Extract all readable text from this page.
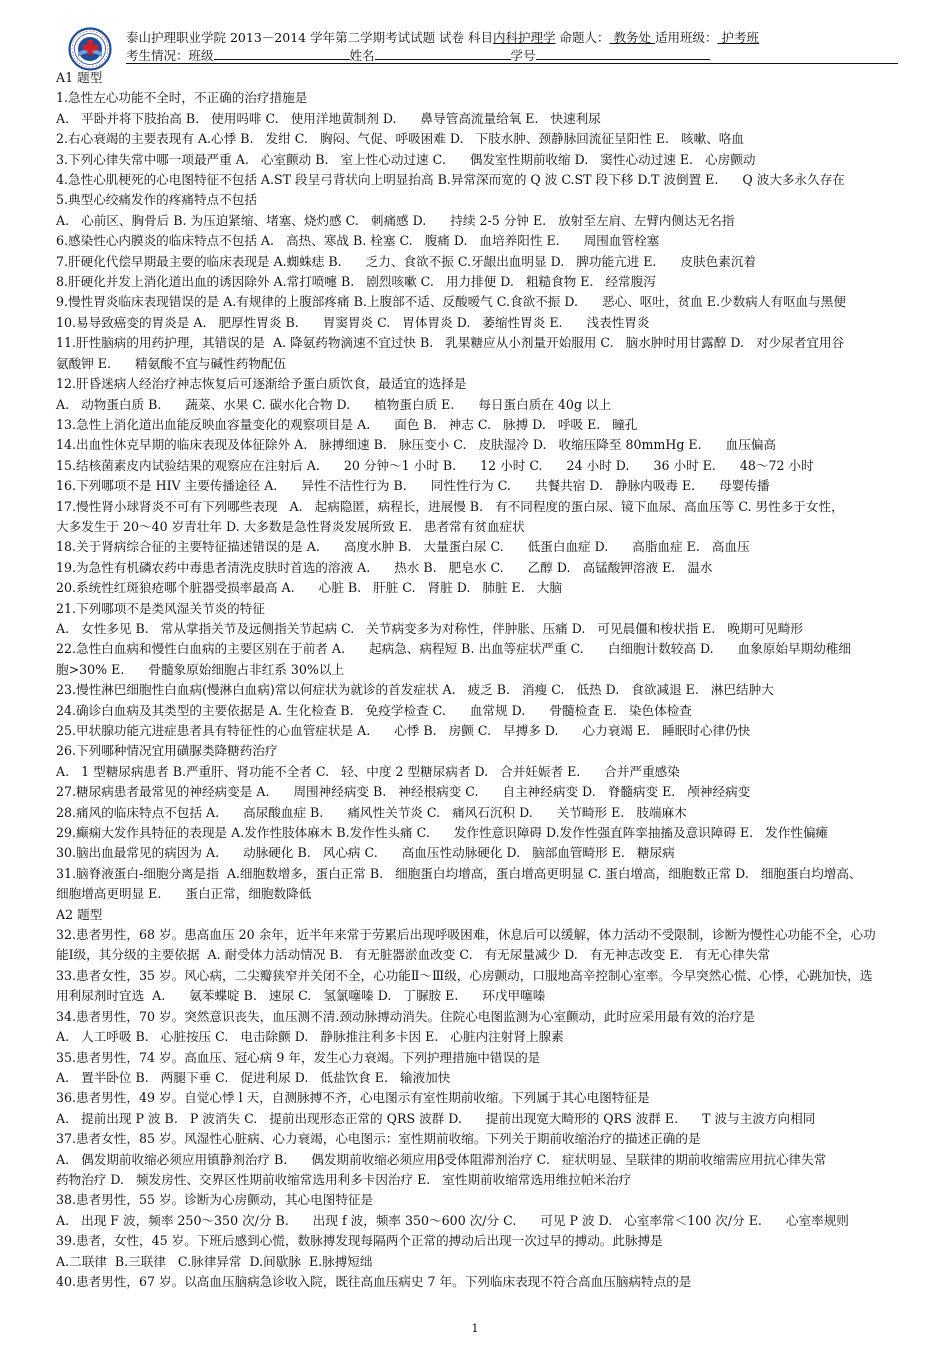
泰山护理职业学院 2013－2014 学年第二学期考试试题 试卷 科目内科护理学 命题人： 教务处 适用班级： 护考班
考生情况：班级	姓名	学号

A1 题型

1.急性左心功能不全时，不正确的治疗措施是

A.   平卧并将下肢抬高 B.   使用吗啡 C.   使用洋地黄制剂 D.      鼻导管高流量给氧 E.   快速利尿

2.右心衰竭的主要表现有 A.心悸 B.   发绀 C.   胸闷、气促、呼吸困难 D.   下肢水肿、颈静脉回流征呈阳性 E.   咳嗽、咯血

3.下列心律失常中哪一项最严重 A.   心室颤动 B.   室上性心动过速 C.      偶发室性期前收缩 D.   窦性心动过速 E.   心房颤动

4.急性心肌梗死的心电图特征不包括 A.ST 段呈弓背状向上明显抬高 B.异常深而宽的 Q 波 C.ST 段下移 D.T 波倒置 E.      Q 波大多永久存在

5.典型心绞痛发作的疼痛特点不包括

A.   心前区、胸骨后 B. 为压迫紧缩、堵塞、烧灼感 C.   刺痛感 D.      持续 2-5 分钟 E.   放射至左肩、左臂内侧达无名指

6.感染性心内膜炎的临床特点不包括 A.   高热、寒战 B. 栓塞 C.   腹痛 D.   血培养阳性 E.      周围血管栓塞

7.肝硬化代偿早期最主要的临床表现是 A.蜘蛛痣 B.      乏力、食欲不振 C.牙龈出血明显 D.   脾功能亢进 E.      皮肤色素沉着

8.肝硬化并发上消化道出血的诱因除外 A.常打喷嚏 B.   剧烈咳嗽 C.   用力排便 D.   粗糙食物 E.   经常腹泻

9.慢性胃炎临床表现错误的是 A.有规律的上腹部疼痛 B.上腹部不适、反酸嗳气 C.食欲不振 D.      恶心、呕吐，贫血 E.少数病人有呕血与黑便

10.易导致癌变的胃炎是 A.   肥厚性胃炎 B.      胃窦胃炎 C.   胃体胃炎 D.   萎缩性胃炎 E.      浅表性胃炎

11.肝性脑病的用药护理，其错误的是  A. 降氨药物滴速不宜过快 B.   乳果糖应从小剂量开始服用 C.   脑水肿时用甘露醇 D.   对少尿者宜用谷

氨酸钾 E.      精氨酸不宜与碱性药物配伍

12.肝昏迷病人经治疗神志恢复后可逐渐给予蛋白质饮食，最适宜的选择是

A.   动物蛋白质 B.      蔬菜、水果 C. 碳水化合物 D.      植物蛋白质 E.      每日蛋白质在 40g 以上

13.急性上消化道出血能反映血容量变化的观察项目是 A.      面色 B.   神志 C.   脉搏 D.   呼吸 E.   瞳孔

14.出血性休克早期的临床表现及体征除外 A.   脉搏细速 B.   脉压变小 C.   皮肤湿冷 D.   收缩压降至 80mmHg E.      血压偏高

15.结核菌素皮内试验结果的观察应在注射后 A.      20 分钟～1 小时 B.      12 小时 C.      24 小时 D.      36 小时 E.      48～72 小时

16.下列哪项不是 HIV 主要传播途径 A.      异性不洁性行为 B.      同性性行为 C.      共餐共宿 D.   静脉内吸毒 E.      母婴传播

17.慢性肾小球肾炎不可有下列哪些表现   A.   起病隐匿，病程长，进展慢 B.   有不同程度的蛋白尿、镜下血尿、高血压等 C. 男性多于女性，

大多发生于 20～40 岁青壮年 D. 大多数是急性肾炎发展所致 E.   患者常有贫血症状

18.关于肾病综合征的主要特征描述错误的是 A.      高度水肿 B.   大量蛋白尿 C.      低蛋白血症 D.      高脂血症 E.   高血压

19.为急性有机磷农药中毒患者清洗皮肤时首选的溶液 A.      热水 B.   肥皂水 C.      乙醇 D.   高锰酸钾溶液 E.   温水

20.系统性红斑狼疮哪个脏器受损率最高 A.      心脏 B.   肝脏 C.   肾脏 D.   肺脏 E.   大脑

21.下列哪项不是类风湿关节炎的特征

A.   女性多见 B.   常从掌指关节及远侧指关节起病 C.   关节病变多为对称性，伴肿胀、压痛 D.   可见晨僵和梭状指 E.   晚期可见畸形

22.急性白血病和慢性白血病的主要区别在于前者 A.      起病急、病程短 B. 出血等症状严重 C.      白细胞计数较高 D.      血象原始早期幼稚细

胞>30% E.      骨髓象原始细胞占非红系 30%以上

23.慢性淋巴细胞性白血病(慢淋白血病)常以何症状为就诊的首发症状 A.   疲乏 B.   消瘦 C.   低热 D.   食欲减退 E.   淋巴结肿大

24.确诊白血病及其类型的主要依据是 A. 生化检查 B.   免疫学检查 C.      血常规 D.      骨髓检查 E.   染色体检查

25.甲状腺功能亢进症患者具有特征性的心血管症状是 A.      心悸 B.   房颤 C.   早搏多 D.      心力衰竭 E.   睡眠时心律仍快

26.下列哪种情况宜用磺脲类降糖药治疗

A.   1 型糖尿病患者 B.严重肝、肾功能不全者 C.   轻、中度 2 型糖尿病者 D.   合并妊娠者 E.      合并严重感染

27.糖尿病患者最常见的神经病变是 A.      周围神经病变 B.   神经根病变 C.      自主神经病变 D.   脊髓病变 E.   颅神经病变

28.痛风的临床特点不包括 A.      高尿酸血症 B.      痛风性关节炎 C.   痛风石沉积 D.      关节畸形 E.   肢端麻木

29.癫痫大发作具特征的表现是 A.发作性肢体麻木 B.发作性头痛 C.      发作性意识障碍 D.发作性强直阵挛抽搐及意识障碍 E.   发作性偏瘫

30.脑出血最常见的病因为 A.      动脉硬化 B.   风心病 C.      高血压性动脉硬化 D.   脑部血管畸形 E.   糖尿病

31.脑脊液蛋白-细胞分离是指  A.细胞数增多，蛋白正常 B.   细胞蛋白均增高，蛋白增高更明显 C. 蛋白增高，细胞数正常 D.   细胞蛋白均增高、

细胞增高更明显 E.      蛋白正常，细胞数降低

A2 题型

32.患者男性，68 岁。患高血压 20 余年，近半年来常于劳累后出现呼吸困难，休息后可以缓解，体力活动不受限制，诊断为慢性心功能不全，心功

能Ⅰ级，其分级的主要依据  A. 耐受体力活动情况 B.   有无脏器淤血改变 C.   有无尿量减少 D.   有无神志改变 E.   有无心律失常

33.患者女性，35 岁。风心病，二尖瓣狭窄并关闭不全，心功能Ⅱ～Ⅲ级，心房颤动，口服地高辛控制心室率。今早突然心慌、心悸，心跳加快，选

用利尿剂时宜选  A.      氨苯蝶啶 B.   速尿 C.   氢氯噻嗪 D.   丁脲胺 E.      环戊甲噻嗪

34.患者男性，70 岁。突然意识丧失，血压测不清.颈动脉搏动消失。住院心电图监测为心室颤动，此时应采用最有效的治疗是

A.   人工呼吸 B.   心脏按压 C.   电击除颤 D.   静脉推注利多卡因 E.   心脏内注射肾上腺素

35.患者男性，74 岁。高血压、冠心病 9 年，发生心力衰竭。下列护理措施中错误的是

A.   置半卧位 B.   两腿下垂 C.   促进利尿 D.   低盐饮食 E.   输液加快

36.患者男性，49 岁。自觉心悸 l 天，自测脉搏不齐，心电图示有室性期前收缩。下列属于其心电图特征是

A.   提前出现 P 波 B.   P 波消失 C.   提前出现形态正常的 QRS 波群 D.      提前出现宽大畸形的 QRS 波群 E.      T 波与主波方向相同

37.患者女性，85 岁。风湿性心脏病、心力衰竭，心电图示：室性期前收缩。下列关于期前收缩治疗的描述正确的是

A.   偶发期前收缩必须应用镇静剂治疗 B.      偶发期前收缩必须应用β受体阻滞剂治疗 C.   症状明显、呈联律的期前收缩需应用抗心律失常

药物治疗 D.   频发房性、交界区性期前收缩常选用利多卡因治疗 E.   室性期前收缩常选用维拉帕米治疗

38.患者男性，55 岁。诊断为心房颤动，其心电图特征是

A.   出现 F 波，频率 250～350 次/分 B.      出现 f 波，频率 350～600 次/分 C.      可见 P 波 D.   心室率常＜100 次/分 E.      心室率规则

39.患者，女性，45 岁。下班后感到心慌，数脉搏发现每隔两个正常的搏动后出现一次过早的搏动。此脉搏是

A.二联律  B.三联律   C.脉律异常  D.间歇脉  E.脉搏短绌

40.患者男性，67 岁。以高血压脑病急诊收入院，既往高血压病史 7 年。下列临床表现不符合高血压脑病特点的是

1
